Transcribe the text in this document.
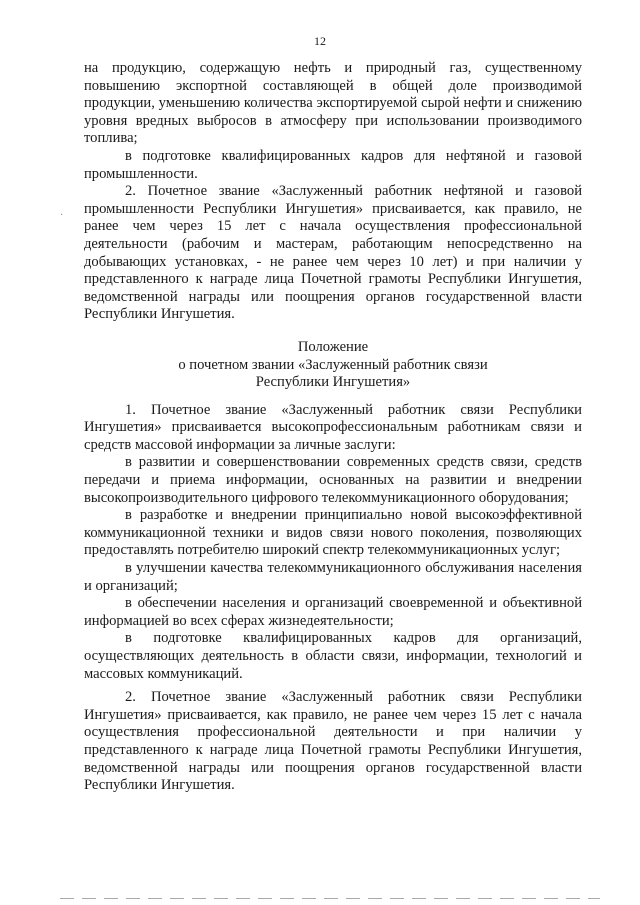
12

на продукцию, содержащую нефть и природный газ, существенному повышению экспортной составляющей в общей доле производимой продукции, уменьшению количества экспортируемой сырой нефти и снижению уровня вредных выбросов в атмосферу при использовании производимого топлива;

в подготовке квалифицированных кадров для нефтяной и газовой промышленности.

2. Почетное звание «Заслуженный работник нефтяной и газовой промышленности Республики Ингушетия» присваивается, как правило, не ранее чем через 15 лет с начала осуществления профессиональной деятельности (рабочим и мастерам, работающим непосредственно на добывающих установках, - не ранее чем через 10 лет) и при наличии у представленного к награде лица Почетной грамоты Республики Ингушетия, ведомственной награды или поощрения органов государственной власти Республики Ингушетия.

Положение
о почетном звании «Заслуженный работник связи
Республики Ингушетия»

1. Почетное звание «Заслуженный работник связи Республики Ингушетия» присваивается высокопрофессиональным работникам связи и средств массовой информации за личные заслуги:

в развитии и совершенствовании современных средств связи, средств передачи и приема информации, основанных на развитии и внедрении высокопроизводительного цифрового телекоммуникационного оборудования;

в разработке и внедрении принципиально новой высокоэффективной коммуникационной техники и видов связи нового поколения, позволяющих предоставлять потребителю широкий спектр телекоммуникационных услуг;

в улучшении качества телекоммуникационного обслуживания населения и организаций;

в обеспечении населения и организаций своевременной и объективной информацией во всех сферах жизнедеятельности;

в подготовке квалифицированных кадров для организаций, осуществляющих деятельность в области связи, информации, технологий и массовых коммуникаций.

2. Почетное звание «Заслуженный работник связи Республики Ингушетия» присваивается, как правило, не ранее чем через 15 лет с начала осуществления профессиональной деятельности и при наличии у представленного к награде лица Почетной грамоты Республики Ингушетия, ведомственной награды или поощрения органов государственной власти Республики Ингушетия.

·
